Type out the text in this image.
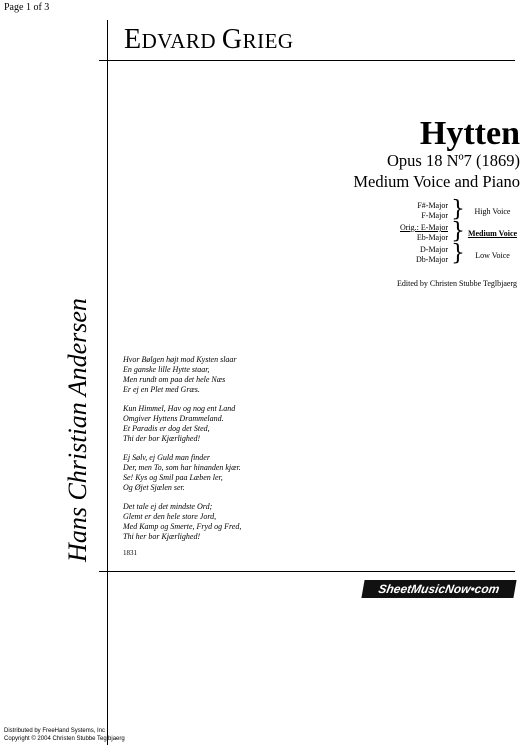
Page 1 of 3
EDVARD GRIEG
Hytten
Opus 18 Nº7 (1869)
Medium Voice and Piano
F#-Major
F-Major }	High Voice
Orig.: E-Major
Eb-Major } Medium Voice
D-Major
Db-Major }	Low Voice
Edited by Christen Stubbe Teglbjaerg
Hans Christian Andersen	Hvor Bølgen højt mod Kysten slaar
En ganske lille Hytte staar,
Men rundt om paa det hele Næs
Er ej en Plet med Græs.
Kun Himmel, Hav og nog ent Land
Omgiver Hyttens Drammeland.
Et Paradis er dog det Sted,
Thi der bor Kjærlighed!
Ej Sølv, ej Guld man finder
Der, men To, som har hinanden kjær.
Se! Kys og Smil paa Læben ler,
Og Øjet Sjælen ser.
Det tale ej det mindste Ord;
Glemt er den hele store Jord,
Med Kamp og Smerte, Fryd og Fred,
Thi her bor Kjærlighed!
1831
SheetMusicNow•com
Distributed by FreeHand Systems, Inc
Copyright © 2004 Christen Stubbe Teglbjaerg
